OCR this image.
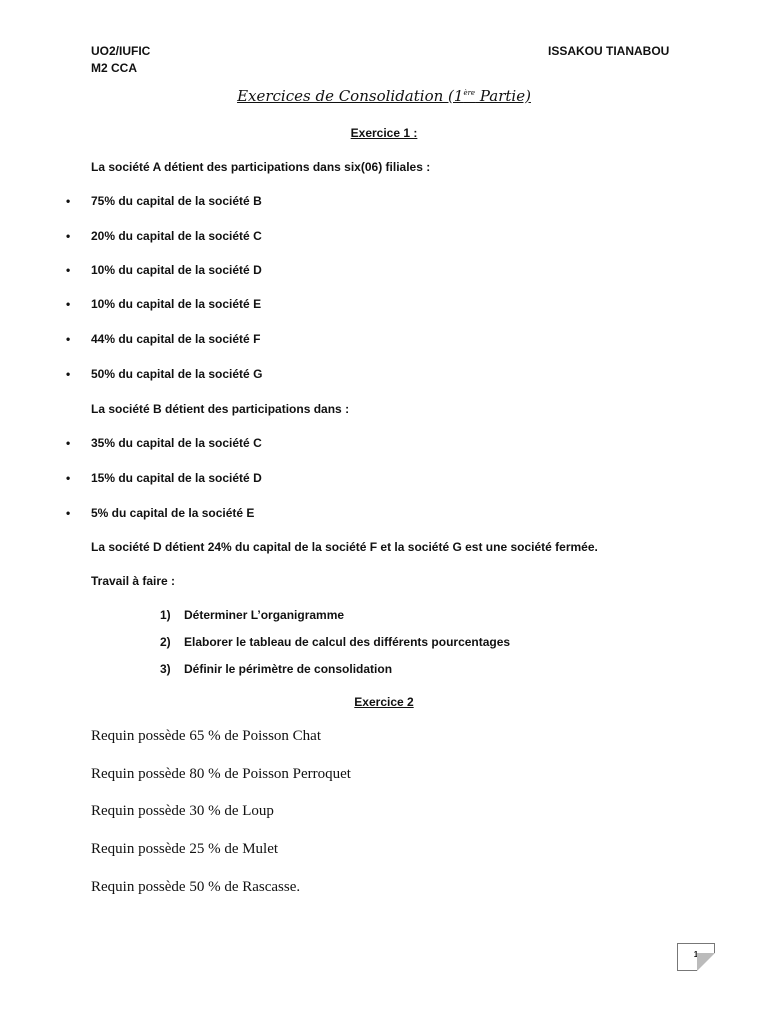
UO2/IUFIC
M2 CCA
ISSAKOU TIANABOU
Exercices de Consolidation (1ère Partie)
Exercice 1 :
La société A détient des participations dans six(06) filiales :
• 75% du capital de la société B
• 20% du capital de la société C
• 10% du capital de la société D
• 10% du capital de la société E
• 44% du capital de la société F
• 50% du capital de la société G
La société B détient des participations dans :
• 35% du capital de la société C
• 15% du capital de la société D
• 5% du capital de la société E
La société D détient 24% du capital de la société F et la société G est une société fermée.
Travail à faire :
1) Déterminer L’organigramme
2) Elaborer le tableau de calcul des différents pourcentages
3) Définir le périmètre de consolidation
Exercice 2
Requin possède 65 % de Poisson Chat
Requin possède 80 % de Poisson Perroquet
Requin possède 30 % de Loup
Requin possède 25 % de Mulet
Requin possède 50 % de Rascasse.
1
